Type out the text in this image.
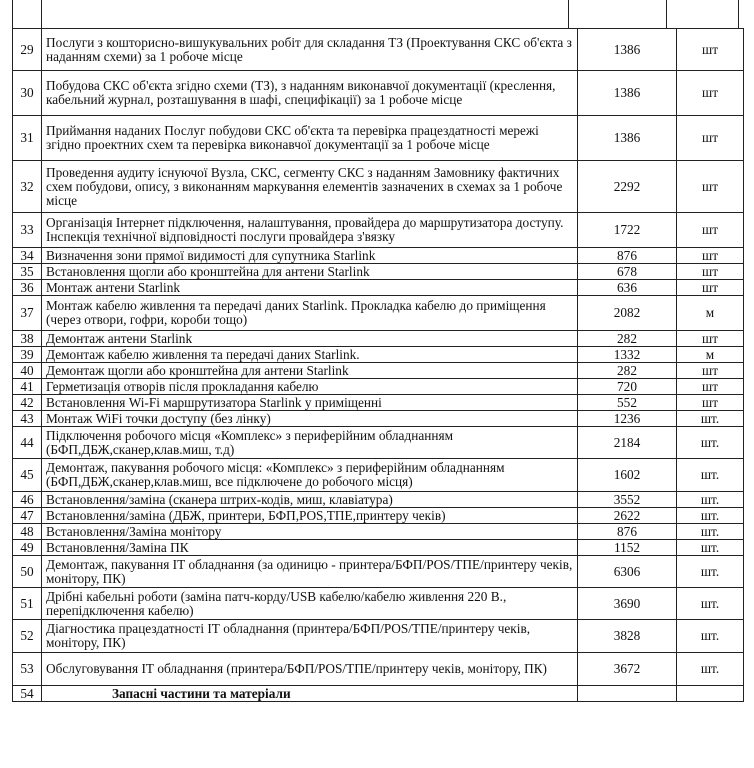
29	Послуги з кошторисно-вишукувальних робіт для складання ТЗ (Проектування СКС об'єкта з наданням схеми) за 1 робоче місце	1386	шт
30	Побудова СКС об'єкта згідно схеми (ТЗ), з наданням виконавчої документації (креслення, кабельний журнал, розташування в шафі, специфікації) за 1 робоче місце	1386	шт
31	Приймання наданих Послуг побудови СКС об'єкта та перевірка працездатності мережі згідно проектних схем та перевірка виконавчої документації за 1 робоче місце	1386	шт
32	Проведення аудиту існуючої Вузла, СКС, сегменту СКС з наданням Замовнику фактичних схем побудови, опису, з виконанням маркування елементів зазначених в схемах за 1 робоче місце	2292	шт
33	Організація Інтернет підключення, налаштування, провайдера до маршрутизатора доступу. Інспекція технічної відповідності послуги провайдера з'вязку	1722	шт
34	Визначення зони прямої видимості для супутника Starlink	876	шт
35	Встановлення щогли або кронштейна для антени Starlink	678	шт
36	Монтаж антени Starlink	636	шт
37	Монтаж кабелю живлення та передачі даних Starlink. Прокладка кабелю до приміщення (через отвори, гофри, короби тощо)	2082	м
38	Демонтаж антени Starlink	282	шт
39	Демонтаж кабелю живлення та передачі даних Starlink.	1332	м
40	Демонтаж щогли або кронштейна для антени Starlink	282	шт
41	Герметизація отворів після прокладання кабелю	720	шт
42	Встановлення Wi-Fi маршрутизатора Starlink у приміщенні	552	шт
43	Монтаж WiFi точки доступу (без лінку)	1236	шт.
44	Підключення робочого місця «Комплекс» з периферійним обладнанням (БФП,ДБЖ,сканер,клав.миш, т.д)	2184	шт.
45	Демонтаж, пакування робочого місця: «Комплекс» з периферійним обладнанням (БФП,ДБЖ,сканер,клав.миш, все підключене до робочого місця)	1602	шт.
46	Встановлення/заміна (сканера штрих-кодів, миш, клавіатура)	3552	шт.
47	Встановлення/заміна (ДБЖ, принтери, БФП,POS,ТПЕ,принтеру чеків)	2622	шт.
48	Встановлення/Заміна монітору	876	шт.
49	Встановлення/Заміна ПК	1152	шт.
50	Демонтаж, пакування ІТ обладнання (за одиницю - принтера/БФП/POS/ТПЕ/принтеру чеків, монітору, ПК)	6306	шт.
51	Дрібні кабельні роботи (заміна патч-корду/USB кабелю/кабелю живлення 220 В., перепідключення кабелю)	3690	шт.
52	Діагностика працездатності ІТ обладнання (принтера/БФП/POS/ТПЕ/принтеру чеків, монітору, ПК)	3828	шт.
53	Обслуговування ІТ обладнання (принтера/БФП/POS/ТПЕ/принтеру чеків, монітору, ПК)	3672	шт.
54	Запасні частини та матеріали		
